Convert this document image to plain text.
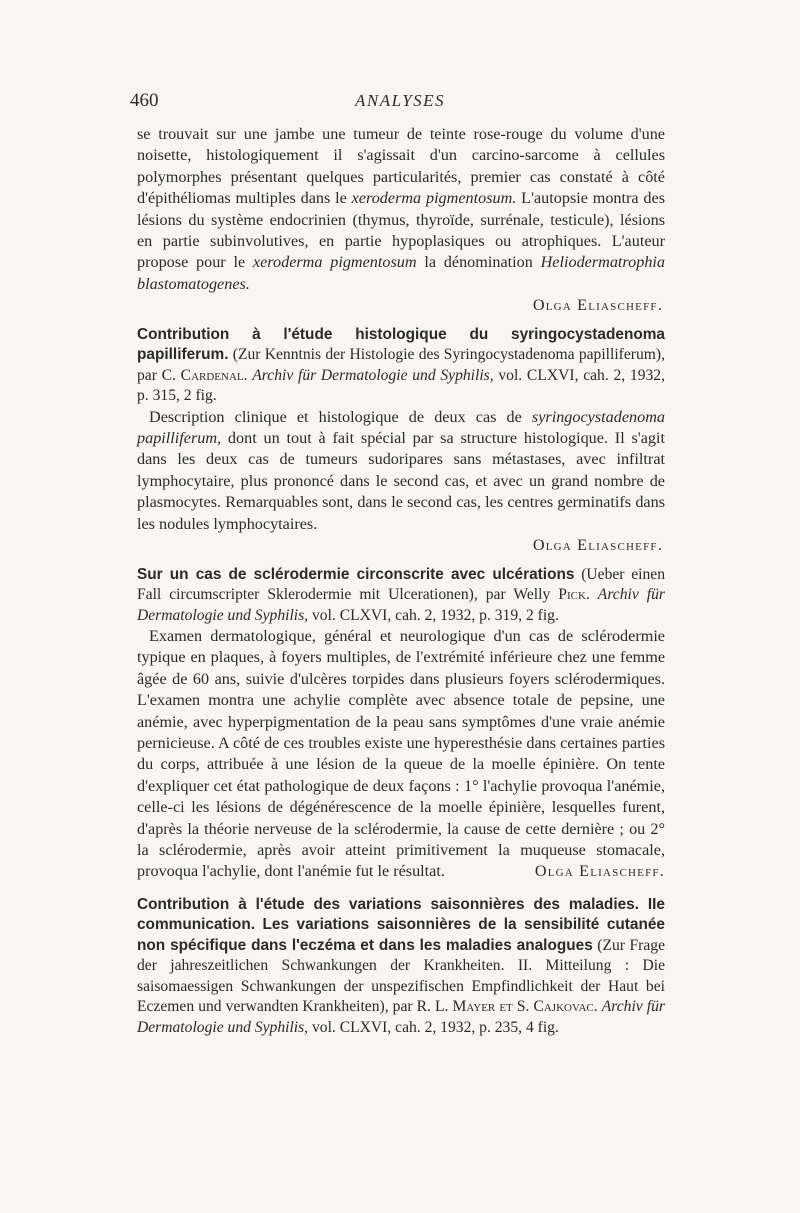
460	ANALYSES

se trouvait sur une jambe une tumeur de teinte rose-rouge du volume d'une noisette, histologiquement il s'agissait d'un carcino-sarcome à cellules polymorphes présentant quelques particularités, premier cas constaté à côté d'épithéliomas multiples dans le xeroderma pigmentosum. L'autopsie montra des lésions du système endocrinien (thymus, thyroïde, surrénale, testicule), lésions en partie subinvolutives, en partie hypoplasiques ou atrophiques. L'auteur propose pour le xeroderma pigmentosum la dénomination Heliodermatrophia blastomatogenes.

Olga Eliascheff.

Contribution à l'étude histologique du syringocystadenoma papilliferum. (Zur Kenntnis der Histologie des Syringocystadenoma papilliferum), par C. Cardenal. Archiv für Dermatologie und Syphilis, vol. CLXVI, cah. 2, 1932, p. 315, 2 fig.

Description clinique et histologique de deux cas de syringocystadenoma papilliferum, dont un tout à fait spécial par sa structure histologique. Il s'agit dans les deux cas de tumeurs sudoripares sans métastases, avec infiltrat lymphocytaire, plus prononcé dans le second cas, et avec un grand nombre de plasmocytes. Remarquables sont, dans le second cas, les centres germinatifs dans les nodules lymphocytaires.

Olga Eliascheff.

Sur un cas de sclérodermie circonscrite avec ulcérations (Ueber einen Fall circumscripter Sklerodermie mit Ulcerationen), par Welly Pick. Archiv für Dermatologie und Syphilis, vol. CLXVI, cah. 2, 1932, p. 319, 2 fig.

Examen dermatologique, général et neurologique d'un cas de sclérodermie typique en plaques, à foyers multiples, de l'extrémité inférieure chez une femme âgée de 60 ans, suivie d'ulcères torpides dans plusieurs foyers sclérodermiques. L'examen montra une achylie complète avec absence totale de pepsine, une anémie, avec hyperpigmentation de la peau sans symptômes d'une vraie anémie pernicieuse. A côté de ces troubles existe une hyperesthésie dans certaines parties du corps, attribuée à une lésion de la queue de la moelle épinière. On tente d'expliquer cet état pathologique de deux façons : 1° l'achylie provoqua l'anémie, celle-ci les lésions de dégénérescence de la moelle épinière, lesquelles furent, d'après la théorie nerveuse de la sclérodermie, la cause de cette dernière ; ou 2° la sclérodermie, après avoir atteint primitivement la muqueuse stomacale, provoqua l'achylie, dont l'anémie fut le résultat.	Olga Eliascheff.

Contribution à l'étude des variations saisonnières des maladies. IIe communication. Les variations saisonnières de la sensibilité cutanée non spécifique dans l'eczéma et dans les maladies analogues (Zur Frage der jahreszeitlichen Schwankungen der Krankheiten. II. Mitteilung : Die saisomaessigen Schwankungen der unspezifischen Empfindlichkeit der Haut bei Eczemen und verwandten Krankheiten), par R. L. Mayer et S. Cajkovac. Archiv für Dermatologie und Syphilis, vol. CLXVI, cah. 2, 1932, p. 235, 4 fig.
